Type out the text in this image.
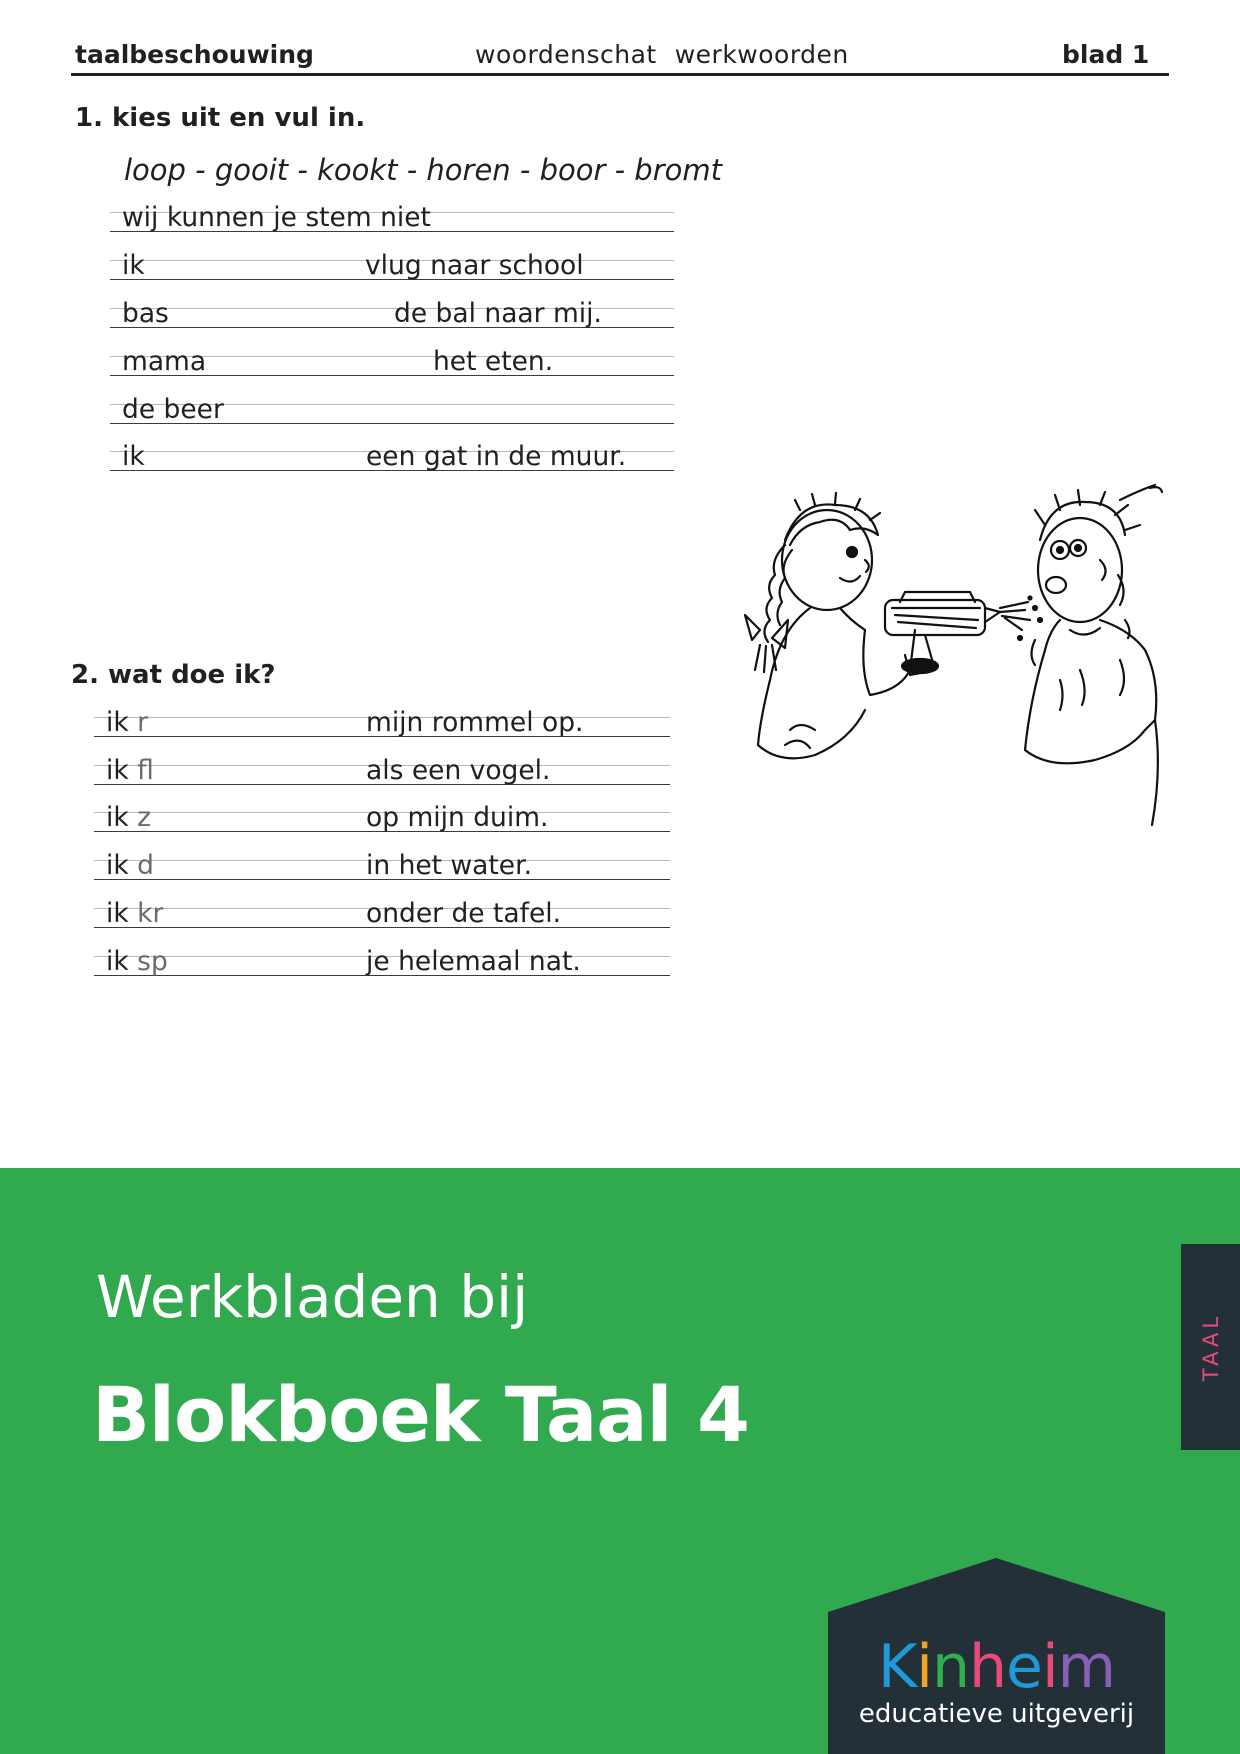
taalbeschouwing	woordenschat werkwoorden	blad 1
1. kies uit en vul in.
loop - gooit - kookt - horen - boor - bromt
wij kunnen je stem niet
ik	vlug naar school
bas	de bal naar mij.
mama	het eten.
de beer
ik	een gat in de muur.
2. wat doe ik?
ik r	mijn rommel op.
ik fl	als een vogel.
ik z	op mijn duim.
ik d	in het water.
ik kr	onder de tafel.
ik sp	je helemaal nat.
Werkbladen bij
Blokboek Taal 4
TAAL
Kinheim
educatieve uitgeverij
